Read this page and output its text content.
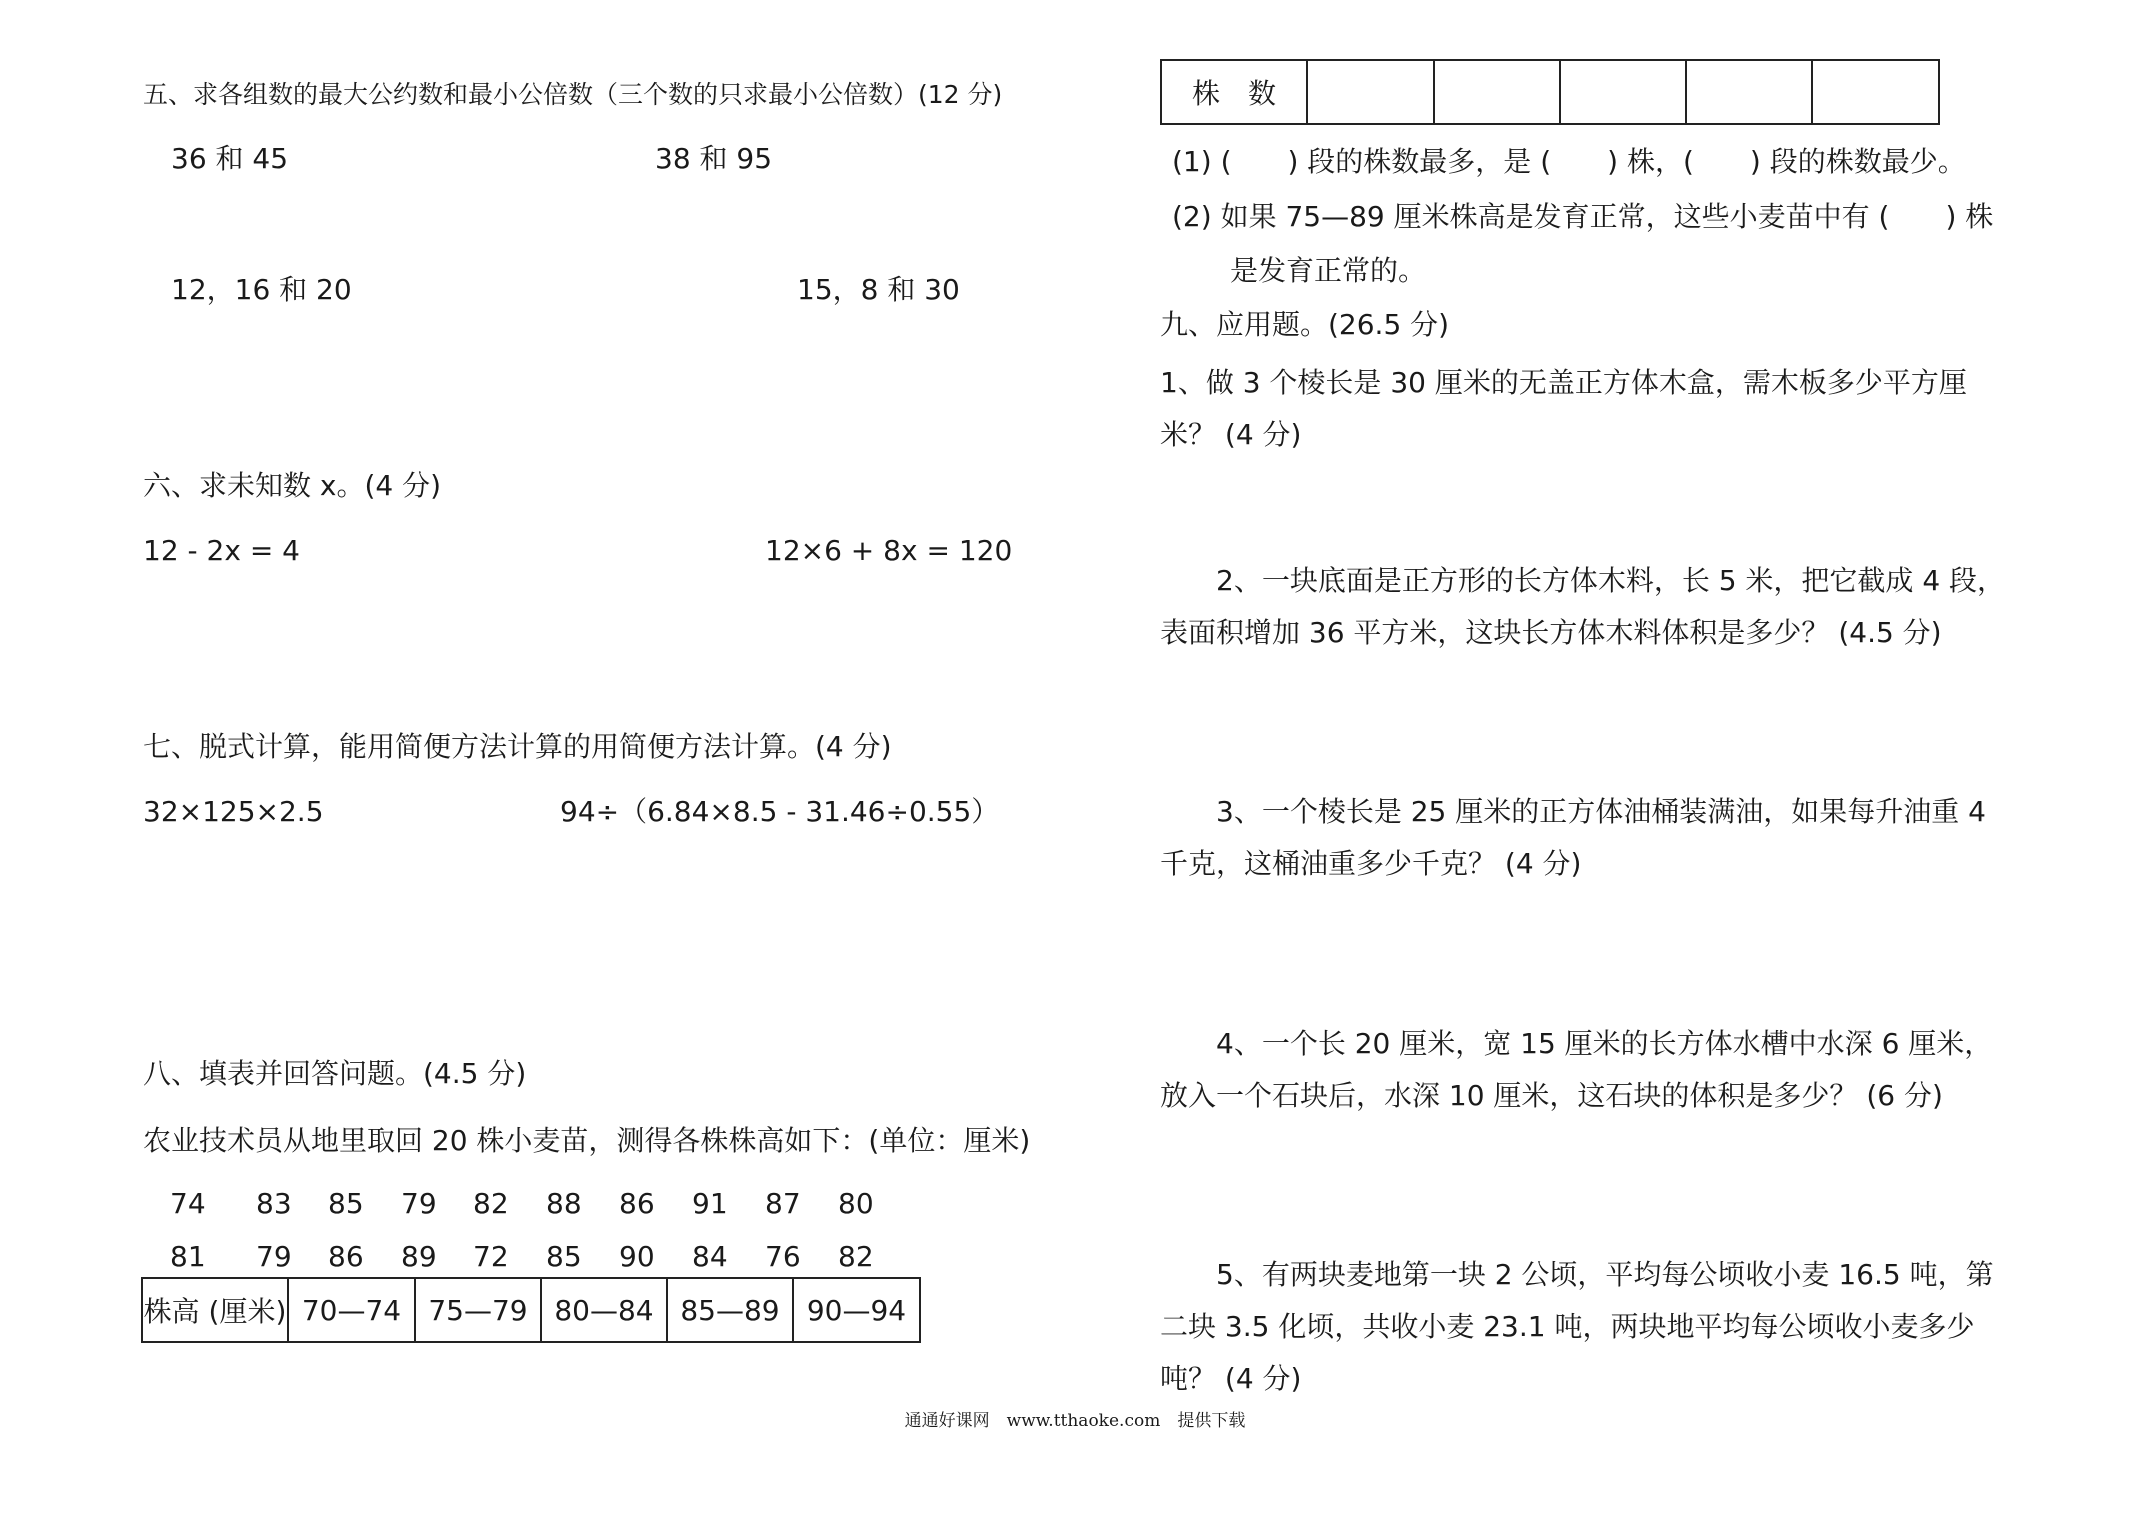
五、求各组数的最大公约数和最小公倍数（三个数的只求最小公倍数）(12 分)
36 和 45	38 和 95
12，16 和 20	15，8 和 30
六、求未知数 x。(4 分)
12 - 2x = 4	12×6 + 8x = 120
七、脱式计算，能用简便方法计算的用简便方法计算。(4 分)
32×125×2.5	94÷（6.84×8.5 - 31.46÷0.55）
八、填表并回答问题。(4.5 分)
农业技术员从地里取回 20 株小麦苗，测得各株株高如下：(单位：厘米)
74 83 85 79 82 88 86 91 87 80
81 79 86 89 72 85 90 84 76 82
株高 (厘米)	70—74	75—79	80—84	85—89	90—94
株　数					
(1) (　　) 段的株数最多，是 (　　) 株，(　　) 段的株数最少。
(2) 如果 75—89 厘米株高是发育正常，这些小麦苗中有 (　　) 株
是发育正常的。
九、应用题。(26.5 分)
1、做 3 个棱长是 30 厘米的无盖正方体木盒，需木板多少平方厘米？ (4 分)
2、一块底面是正方形的长方体木料，长 5 米，把它截成 4 段，表面积增加 36 平方米，这块长方体木料体积是多少？ (4.5 分)
3、一个棱长是 25 厘米的正方体油桶装满油，如果每升油重 4 千克，这桶油重多少千克？ (4 分)
4、一个长 20 厘米，宽 15 厘米的长方体水槽中水深 6 厘米，放入一个石块后，水深 10 厘米，这石块的体积是多少？ (6 分)
5、有两块麦地第一块 2 公顷，平均每公顷收小麦 16.5 吨，第二块 3.5 化顷，共收小麦 23.1 吨，两块地平均每公顷收小麦多少吨？ (4 分)
通通好课网　www.tthaoke.com　提供下载
